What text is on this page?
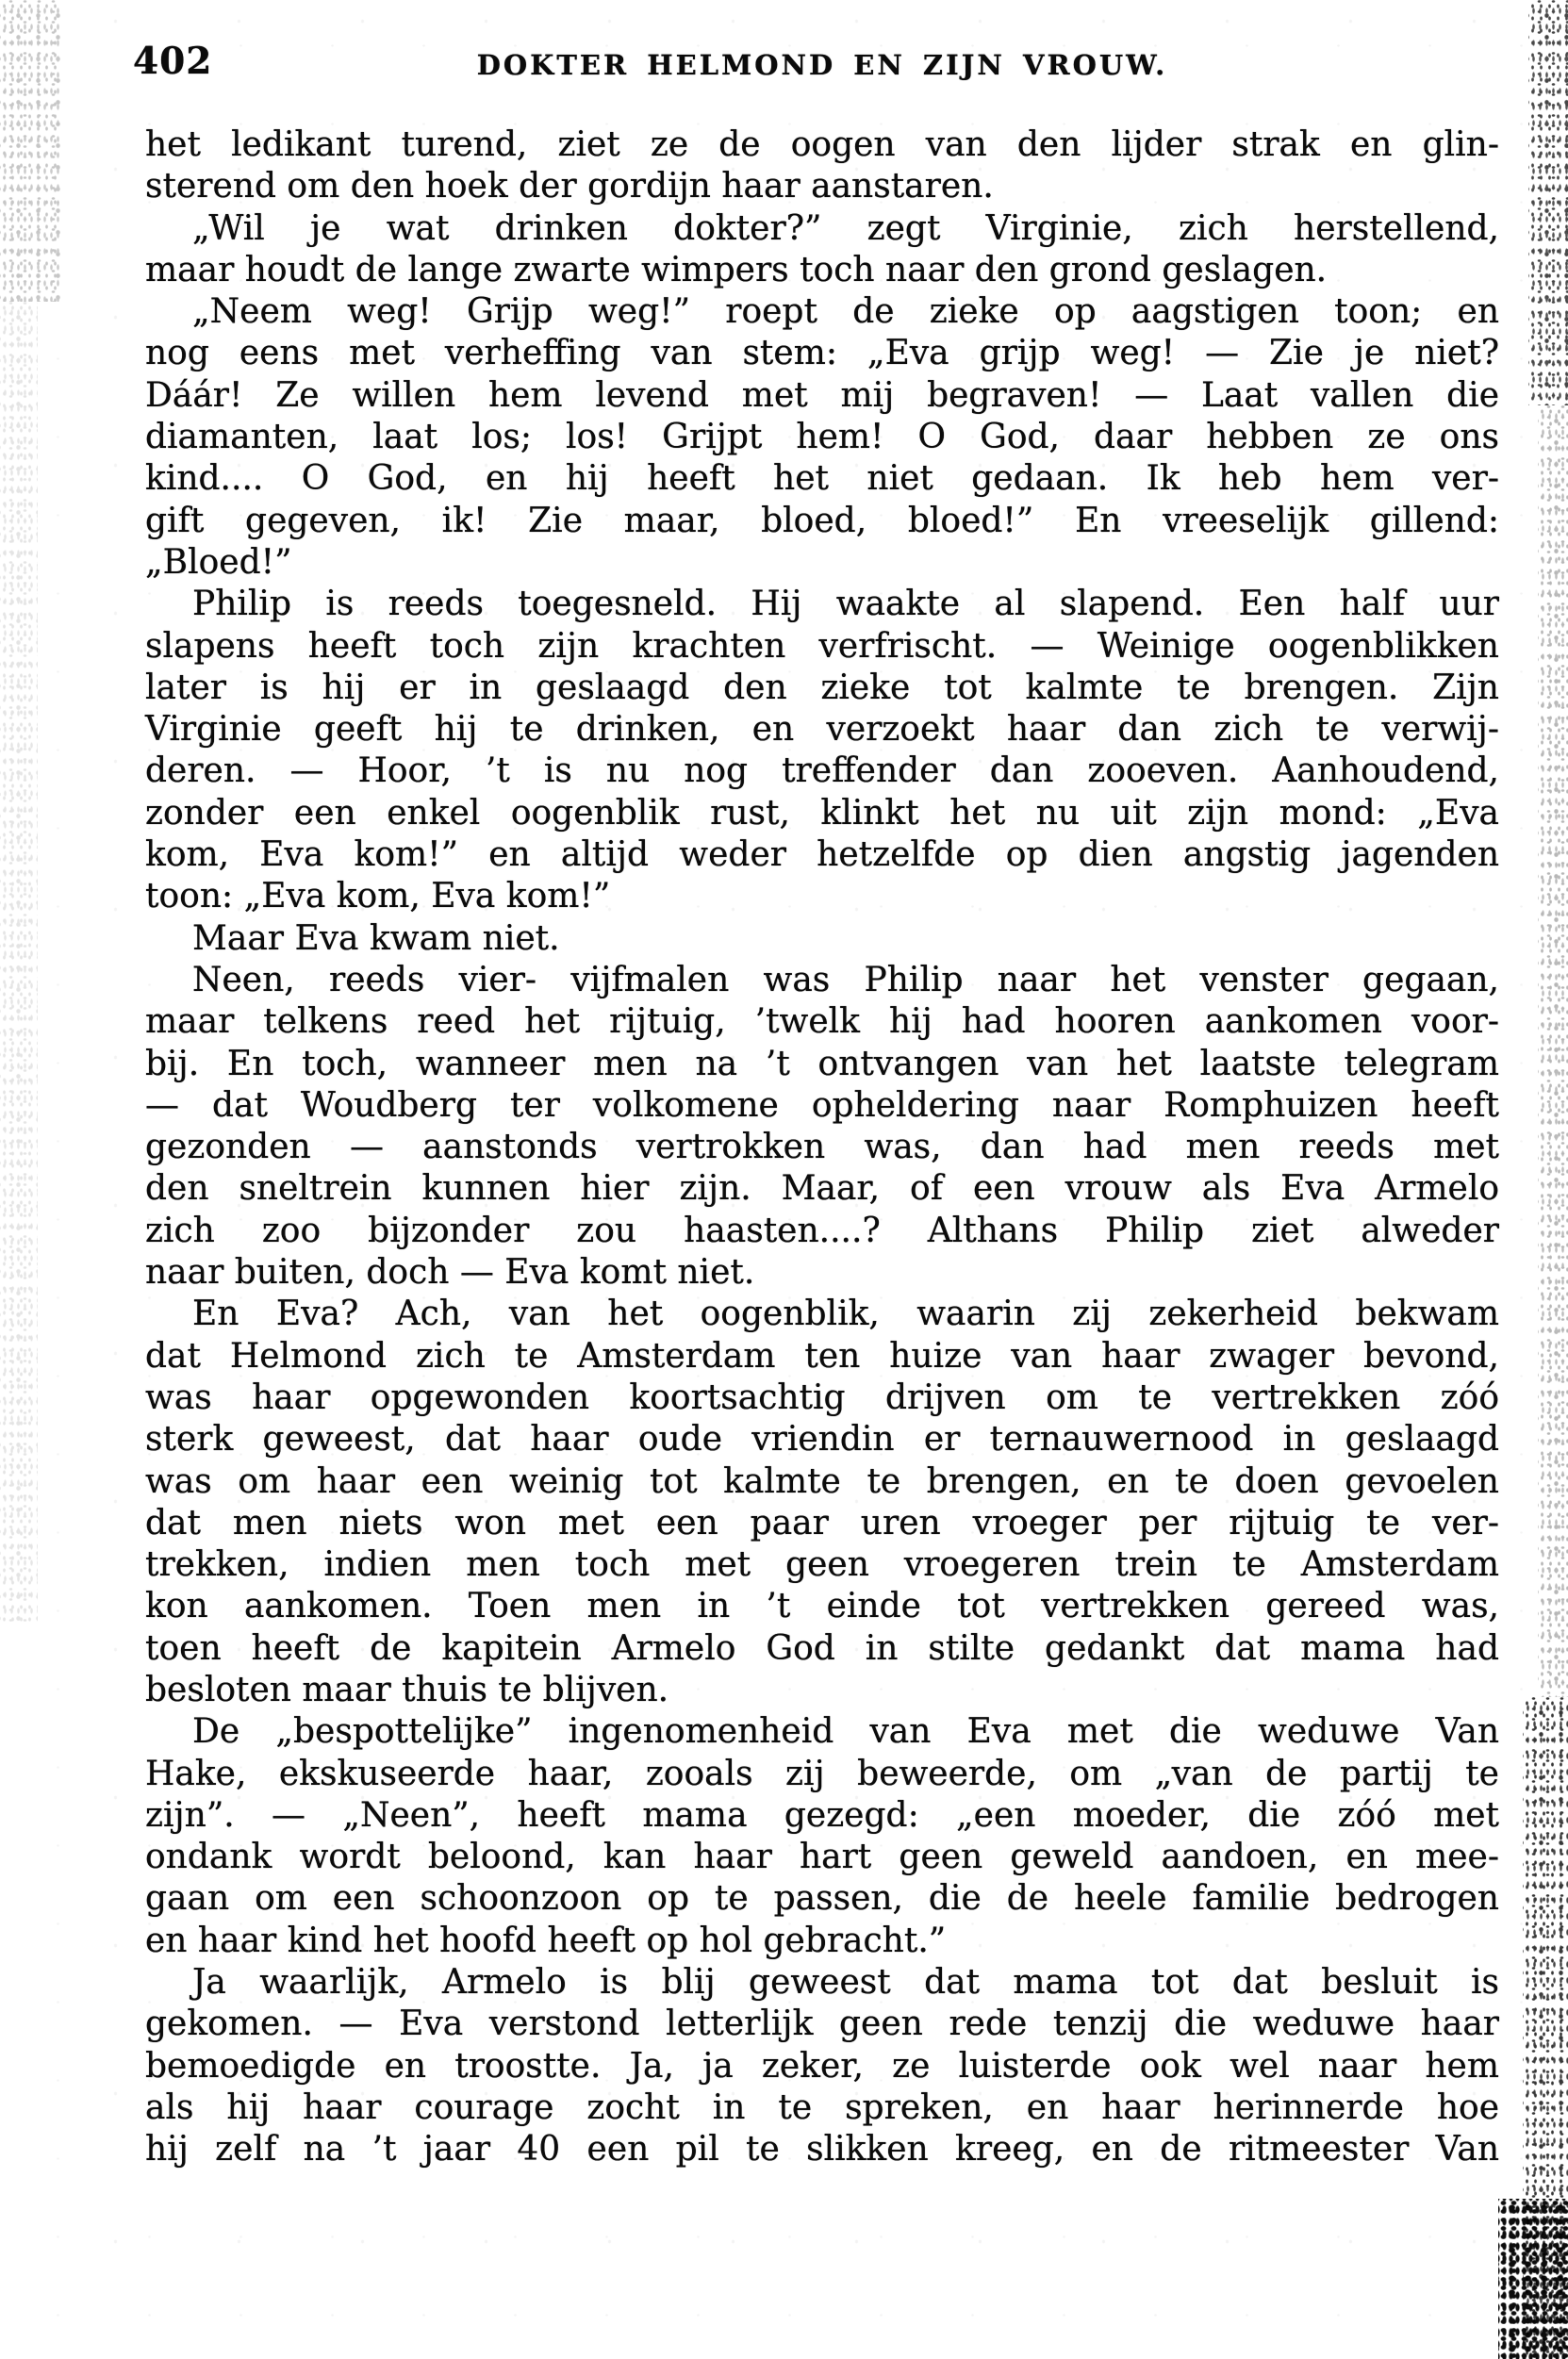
402	DOKTER HELMOND EN ZIJN VROUW.
het ledikant turend, ziet ze de oogen van den lijder strak en glin-
sterend om den hoek der gordijn haar aanstaren.
„Wil je wat drinken dokter?” zegt Virginie, zich herstellend,
maar houdt de lange zwarte wimpers toch naar den grond geslagen.
„Neem weg! Grijp weg!” roept de zieke op aagstigen toon; en
nog eens met verheffing van stem: „Eva grijp weg! — Zie je niet?
Dáár! Ze willen hem levend met mij begraven! — Laat vallen die
diamanten, laat los; los! Grijpt hem! O God, daar hebben ze ons
kind.... O God, en hij heeft het niet gedaan. Ik heb hem ver-
gift gegeven, ik! Zie maar, bloed, bloed!” En vreeselijk gillend:
„Bloed!”
Philip is reeds toegesneld. Hij waakte al slapend. Een half uur
slapens heeft toch zijn krachten verfrischt. — Weinige oogenblikken
later is hij er in geslaagd den zieke tot kalmte te brengen. Zijn
Virginie geeft hij te drinken, en verzoekt haar dan zich te verwij-
deren. — Hoor, ’t is nu nog treffender dan zooeven. Aanhoudend,
zonder een enkel oogenblik rust, klinkt het nu uit zijn mond: „Eva
kom, Eva kom!” en altijd weder hetzelfde op dien angstig jagenden
toon: „Eva kom, Eva kom!”
Maar Eva kwam niet.
Neen, reeds vier- vijfmalen was Philip naar het venster gegaan,
maar telkens reed het rijtuig, ’twelk hij had hooren aankomen voor-
bij. En toch, wanneer men na ’t ontvangen van het laatste telegram
— dat Woudberg ter volkomene opheldering naar Romphuizen heeft
gezonden — aanstonds vertrokken was, dan had men reeds met
den sneltrein kunnen hier zijn. Maar, of een vrouw als Eva Armelo
zich zoo bijzonder zou haasten....? Althans Philip ziet alweder
naar buiten, doch — Eva komt niet.
En Eva? Ach, van het oogenblik, waarin zij zekerheid bekwam
dat Helmond zich te Amsterdam ten huize van haar zwager bevond,
was haar opgewonden koortsachtig drijven om te vertrekken zóó
sterk geweest, dat haar oude vriendin er ternauwernood in geslaagd
was om haar een weinig tot kalmte te brengen, en te doen gevoelen
dat men niets won met een paar uren vroeger per rijtuig te ver-
trekken, indien men toch met geen vroegeren trein te Amsterdam
kon aankomen. Toen men in ’t einde tot vertrekken gereed was,
toen heeft de kapitein Armelo God in stilte gedankt dat mama had
besloten maar thuis te blijven.
De „bespottelijke” ingenomenheid van Eva met die weduwe Van
Hake, ekskuseerde haar, zooals zij beweerde, om „van de partij te
zijn”. — „Neen”, heeft mama gezegd: „een moeder, die zóó met
ondank wordt beloond, kan haar hart geen geweld aandoen, en mee-
gaan om een schoonzoon op te passen, die de heele familie bedrogen
en haar kind het hoofd heeft op hol gebracht.”
Ja waarlijk, Armelo is blij geweest dat mama tot dat besluit is
gekomen. — Eva verstond letterlijk geen rede tenzij die weduwe haar
bemoedigde en troostte. Ja, ja zeker, ze luisterde ook wel naar hem
als hij haar courage zocht in te spreken, en haar herinnerde hoe
hij zelf na ’t jaar 40 een pil te slikken kreeg, en de ritmeester Van
